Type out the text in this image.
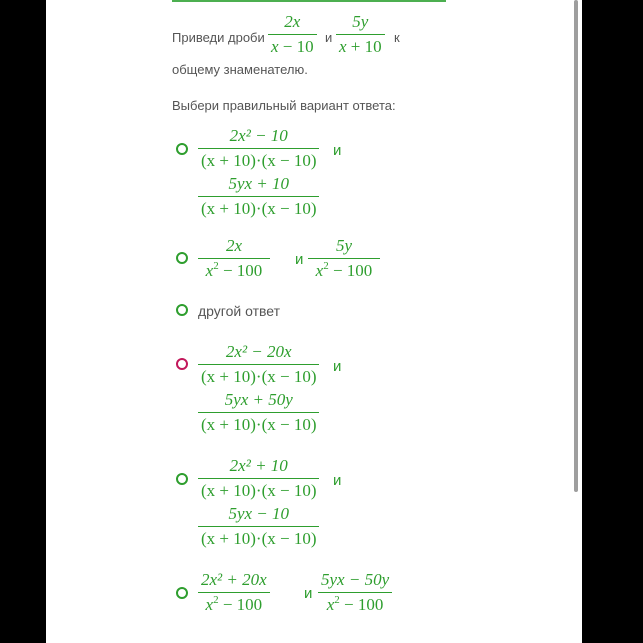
Приведи дроби
2x
x − 10 и
5y
x + 10 к
общему знаменателю.
Выбери правильный вариант ответа:
2x² − 10
(x + 10)·(x − 10)
и
5yx + 10
(x + 10)·(x − 10)
2x
$x^2 - 100$
и
5y
$x^2 - 100$
другой ответ
2x² − 20x
(x + 10)·(x − 10)
и
5yx + 50y
(x + 10)·(x − 10)
2x² + 10
(x + 10)·(x − 10)
и
5yx − 10
(x + 10)·(x − 10)
2x² + 20x
$x^2 - 100$
и
5yx − 50y
$x^2 - 100$
